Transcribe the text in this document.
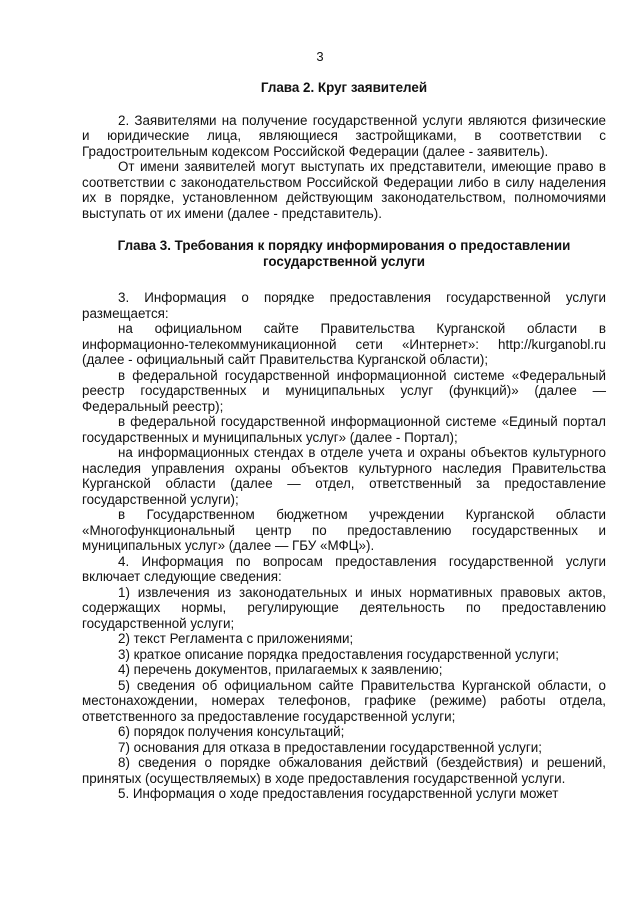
3

Глава 2. Круг заявителей

2. Заявителями на получение государственной услуги являются физические и юридические лица, являющиеся застройщиками, в соответствии с Градостроительным кодексом Российской Федерации (далее - заявитель).

От имени заявителей могут выступать их представители, имеющие право в соответствии с законодательством Российской Федерации либо в силу наделения их в порядке, установленном действующим законодательством, полномочиями выступать от их имени (далее - представитель).

Глава 3. Требования к порядку информирования о предоставлении
государственной услуги

3. Информация о порядке предоставления государственной услуги размещается:

на официальном сайте Правительства Курганской области в информационно-телекоммуникационной сети «Интернет»: http://kurganobl.ru (далее - официальный сайт Правительства Курганской области);

в федеральной государственной информационной системе «Федеральный реестр государственных и муниципальных услуг (функций)» (далее — Федеральный реестр);

в федеральной государственной информационной системе «Единый портал государственных и муниципальных услуг» (далее - Портал);

на информационных стендах в отделе учета и охраны объектов культурного наследия управления охраны объектов культурного наследия Правительства Курганской области (далее — отдел, ответственный за предоставление государственной услуги);

в Государственном бюджетном учреждении Курганской области «Многофункциональный центр по предоставлению государственных и муниципальных услуг» (далее — ГБУ «МФЦ»).

4. Информация по вопросам предоставления государственной услуги включает следующие сведения:

1) извлечения из законодательных и иных нормативных правовых актов, содержащих нормы, регулирующие деятельность по предоставлению государственной услуги;

2) текст Регламента с приложениями;

3) краткое описание порядка предоставления государственной услуги;

4) перечень документов, прилагаемых к заявлению;

5) сведения об официальном сайте Правительства Курганской области, о местонахождении, номерах телефонов, графике (режиме) работы отдела, ответственного за предоставление государственной услуги;

6) порядок получения консультаций;

7) основания для отказа в предоставлении государственной услуги;

8) сведения о порядке обжалования действий (бездействия) и решений, принятых (осуществляемых) в ходе предоставления государственной услуги.

5. Информация о ходе предоставления государственной услуги может
